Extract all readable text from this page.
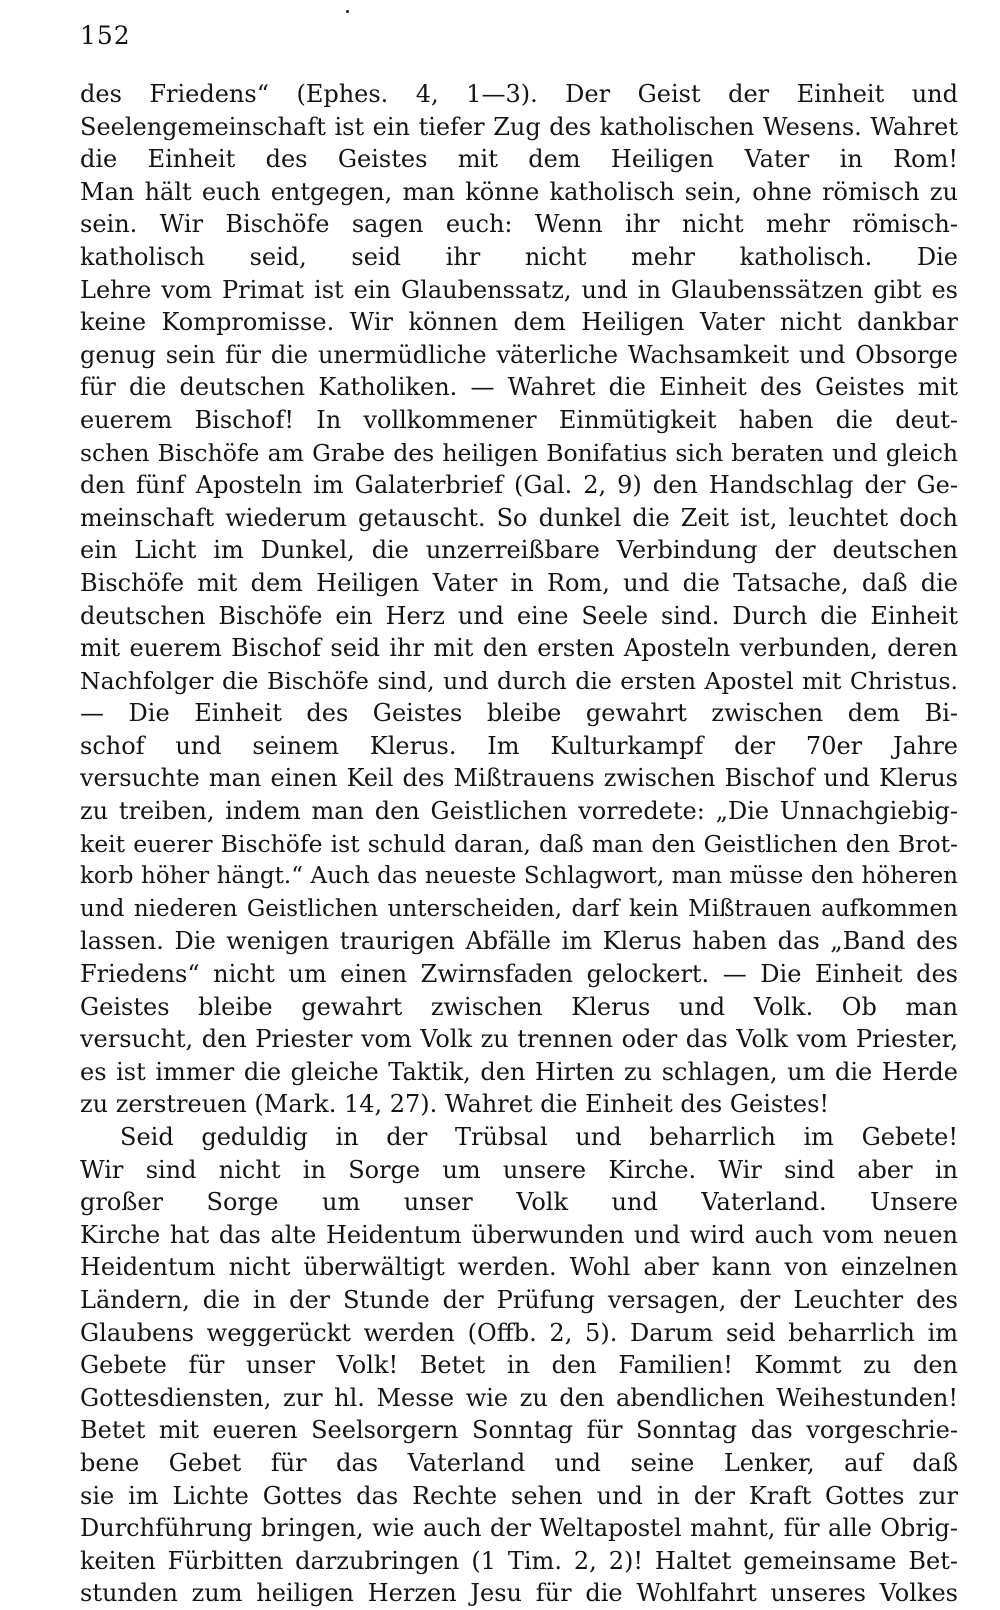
152
des Friedens“ (Ephes. 4, 1—3). Der Geist der Einheit und
Seelengemeinschaft ist ein tiefer Zug des katholischen Wesens. Wahret
die Einheit des Geistes mit dem Heiligen Vater in Rom!
Man hält euch entgegen, man könne katholisch sein, ohne römisch zu
sein. Wir Bischöfe sagen euch: Wenn ihr nicht mehr römisch-
katholisch seid, seid ihr nicht mehr katholisch. Die
Lehre vom Primat ist ein Glaubenssatz, und in Glaubenssätzen gibt es
keine Kompromisse. Wir können dem Heiligen Vater nicht dankbar
genug sein für die unermüdliche väterliche Wachsamkeit und Obsorge
für die deutschen Katholiken. — Wahret die Einheit des Geistes mit
euerem Bischof! In vollkommener Einmütigkeit haben die deut-
schen Bischöfe am Grabe des heiligen Bonifatius sich beraten und gleich
den fünf Aposteln im Galaterbrief (Gal. 2, 9) den Handschlag der Ge-
meinschaft wiederum getauscht. So dunkel die Zeit ist, leuchtet doch
ein Licht im Dunkel, die unzerreißbare Verbindung der deutschen
Bischöfe mit dem Heiligen Vater in Rom, und die Tatsache, daß die
deutschen Bischöfe ein Herz und eine Seele sind. Durch die Einheit
mit euerem Bischof seid ihr mit den ersten Aposteln verbunden, deren
Nachfolger die Bischöfe sind, und durch die ersten Apostel mit Christus.
— Die Einheit des Geistes bleibe gewahrt zwischen dem Bi-
schof und seinem Klerus. Im Kulturkampf der 70er Jahre
versuchte man einen Keil des Mißtrauens zwischen Bischof und Klerus
zu treiben, indem man den Geistlichen vorredete: „Die Unnachgiebig-
keit euerer Bischöfe ist schuld daran, daß man den Geistlichen den Brot-
korb höher hängt.“ Auch das neueste Schlagwort, man müsse den höheren
und niederen Geistlichen unterscheiden, darf kein Mißtrauen aufkommen
lassen. Die wenigen traurigen Abfälle im Klerus haben das „Band des
Friedens“ nicht um einen Zwirnsfaden gelockert. — Die Einheit des
Geistes bleibe gewahrt zwischen Klerus und Volk. Ob man
versucht, den Priester vom Volk zu trennen oder das Volk vom Priester,
es ist immer die gleiche Taktik, den Hirten zu schlagen, um die Herde
zu zerstreuen (Mark. 14, 27). Wahret die Einheit des Geistes!
Seid geduldig in der Trübsal und beharrlich im Gebete!
Wir sind nicht in Sorge um unsere Kirche. Wir sind aber in
großer Sorge um unser Volk und Vaterland. Unsere
Kirche hat das alte Heidentum überwunden und wird auch vom neuen
Heidentum nicht überwältigt werden. Wohl aber kann von einzelnen
Ländern, die in der Stunde der Prüfung versagen, der Leuchter des
Glaubens weggerückt werden (Offb. 2, 5). Darum seid beharrlich im
Gebete für unser Volk! Betet in den Familien! Kommt zu den
Gottesdiensten, zur hl. Messe wie zu den abendlichen Weihestunden!
Betet mit eueren Seelsorgern Sonntag für Sonntag das vorgeschrie-
bene Gebet für das Vaterland und seine Lenker, auf daß
sie im Lichte Gottes das Rechte sehen und in der Kraft Gottes zur
Durchführung bringen, wie auch der Weltapostel mahnt, für alle Obrig-
keiten Fürbitten darzubringen (1 Tim. 2, 2)! Haltet gemeinsame Bet-
stunden zum heiligen Herzen Jesu für die Wohlfahrt unseres Volkes
